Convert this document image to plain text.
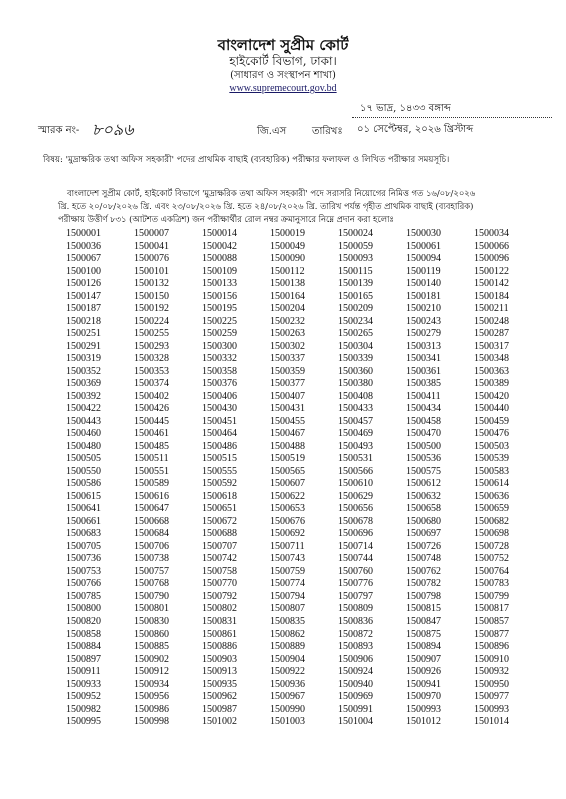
বাংলাদেশ সুপ্রীম কোর্ট
হাইকোর্ট বিভাগ, ঢাকা।
(সাধারণ ও সংস্থাপন শাখা)
www.supremecourt.gov.bd
১৭ ভাদ্র, ১৪৩৩ বঙ্গাব্দ
স্মারক নং- ৮০৯৬	জি.এস	তারিখঃ ০১ সেপ্টেম্বর, ২০২৬ খ্রিস্টাব্দ
বিষয়: 'মুদ্রাক্ষরিক তথা অফিস সহকারী' পদের প্রাথমিক বাছাই (ব্যবহারিক) পরীক্ষার ফলাফল ও লিখিত পরীক্ষার সময়সূচি।
বাংলাদেশ সুপ্রীম কোর্ট, হাইকোর্ট বিভাগে 'মুদ্রাক্ষরিক তথা অফিস সহকারী' পদে সরাসরি নিয়োগের নিমিত্ত গত ১৬/০৮/২০২৬
খ্রি. হতে ২০/০৮/২০২৬ খ্রি. এবং ২৩/০৮/২০২৬ খ্রি. হতে ২৪/০৮/২০২৬ খ্রি. তারিখ পর্যন্ত গৃহীত প্রাথমিক বাছাই (ব্যবহারিক)
পরীক্ষায় উত্তীর্ণ ৮৩১ (আটশত একত্রিশ) জন পরীক্ষার্থীর রোল নম্বর ক্রমানুসারে নিম্নে প্রদান করা হলোঃ
1500001	1500007	1500014	1500019	1500024	1500030	1500034
1500036	1500041	1500042	1500049	1500059	1500061	1500066
1500067	1500076	1500088	1500090	1500093	1500094	1500096
1500100	1500101	1500109	1500112	1500115	1500119	1500122
1500126	1500132	1500133	1500138	1500139	1500140	1500142
1500147	1500150	1500156	1500164	1500165	1500181	1500184
1500187	1500192	1500195	1500204	1500209	1500210	1500211
1500218	1500224	1500225	1500232	1500234	1500243	1500248
1500251	1500255	1500259	1500263	1500265	1500279	1500287
1500291	1500293	1500300	1500302	1500304	1500313	1500317
1500319	1500328	1500332	1500337	1500339	1500341	1500348
1500352	1500353	1500358	1500359	1500360	1500361	1500363
1500369	1500374	1500376	1500377	1500380	1500385	1500389
1500392	1500402	1500406	1500407	1500408	1500411	1500420
1500422	1500426	1500430	1500431	1500433	1500434	1500440
1500443	1500445	1500451	1500455	1500457	1500458	1500459
1500460	1500461	1500464	1500467	1500469	1500470	1500476
1500480	1500485	1500486	1500488	1500493	1500500	1500503
1500505	1500511	1500515	1500519	1500531	1500536	1500539
1500550	1500551	1500555	1500565	1500566	1500575	1500583
1500586	1500589	1500592	1500607	1500610	1500612	1500614
1500615	1500616	1500618	1500622	1500629	1500632	1500636
1500641	1500647	1500651	1500653	1500656	1500658	1500659
1500661	1500668	1500672	1500676	1500678	1500680	1500682
1500683	1500684	1500688	1500692	1500696	1500697	1500698
1500705	1500706	1500707	1500711	1500714	1500726	1500728
1500736	1500738	1500742	1500743	1500744	1500748	1500752
1500753	1500757	1500758	1500759	1500760	1500762	1500764
1500766	1500768	1500770	1500774	1500776	1500782	1500783
1500785	1500790	1500792	1500794	1500797	1500798	1500799
1500800	1500801	1500802	1500807	1500809	1500815	1500817
1500820	1500830	1500831	1500835	1500836	1500847	1500857
1500858	1500860	1500861	1500862	1500872	1500875	1500877
1500884	1500885	1500886	1500889	1500893	1500894	1500896
1500897	1500902	1500903	1500904	1500906	1500907	1500910
1500911	1500912	1500913	1500922	1500924	1500926	1500932
1500933	1500934	1500935	1500936	1500940	1500941	1500950
1500952	1500956	1500962	1500967	1500969	1500970	1500977
1500982	1500986	1500987	1500990	1500991	1500993	1500993
1500995	1500998	1501002	1501003	1501004	1501012	1501014
